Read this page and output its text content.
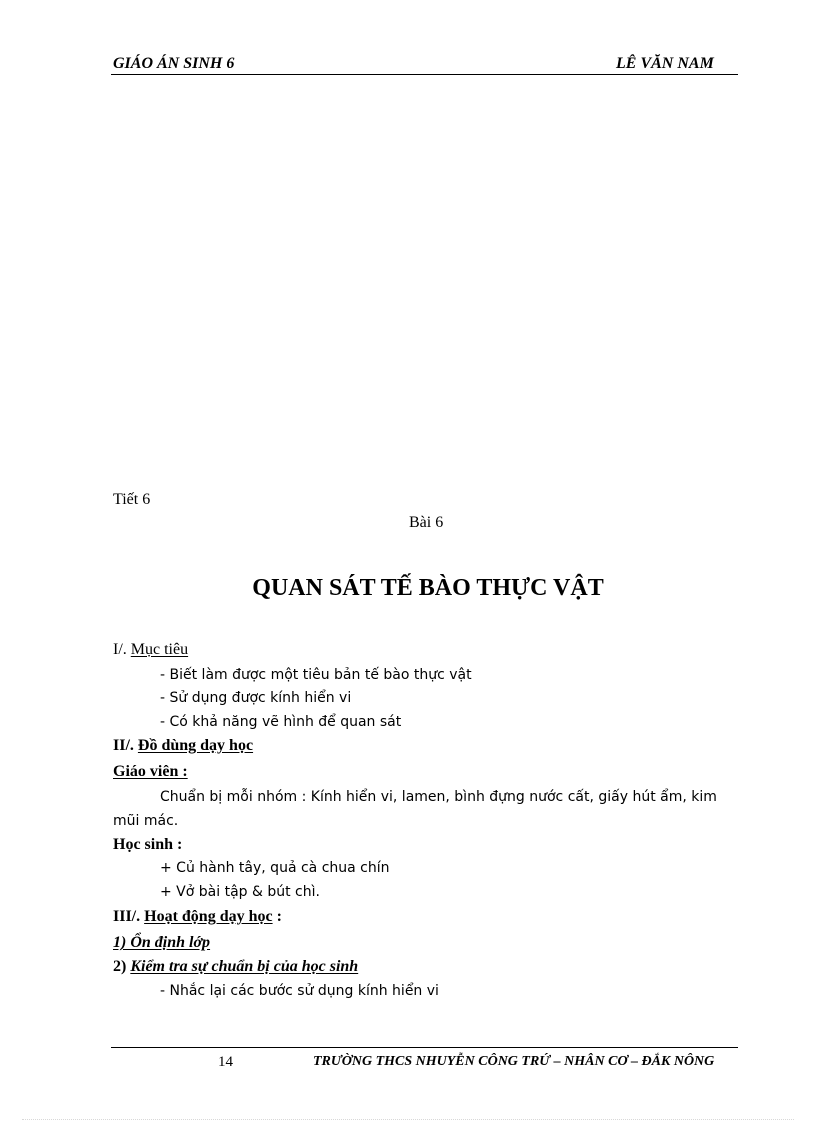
GIÁO ÁN SINH 6	LÊ VĂN NAM
Tiết 6
Bài 6
QUAN SÁT TẾ BÀO THỰC VẬT
I/. Mục tiêu
- Biết làm được một tiêu bản tế bào thực vật
- Sử dụng được kính hiển vi
- Có khả năng vẽ hình để quan sát
II/. Đồ dùng dạy học
Giáo viên :
Chuẩn bị mỗi nhóm : Kính hiển vi, lamen, bình đựng nước cất, giấy hút ẩm, kim
mũi mác.
Học sinh :
+ Củ hành tây, quả cà chua chín
+ Vở bài tập & bút chì.
III/. Hoạt động dạy học :
1) Ổn định lớp
2) Kiểm tra sự chuẩn bị của học sinh
- Nhắc lại các bước sử dụng kính hiển vi
14	TRƯỜNG THCS NHUYỄN CÔNG TRỨ – NHÂN CƠ – ĐẮK NÔNG
